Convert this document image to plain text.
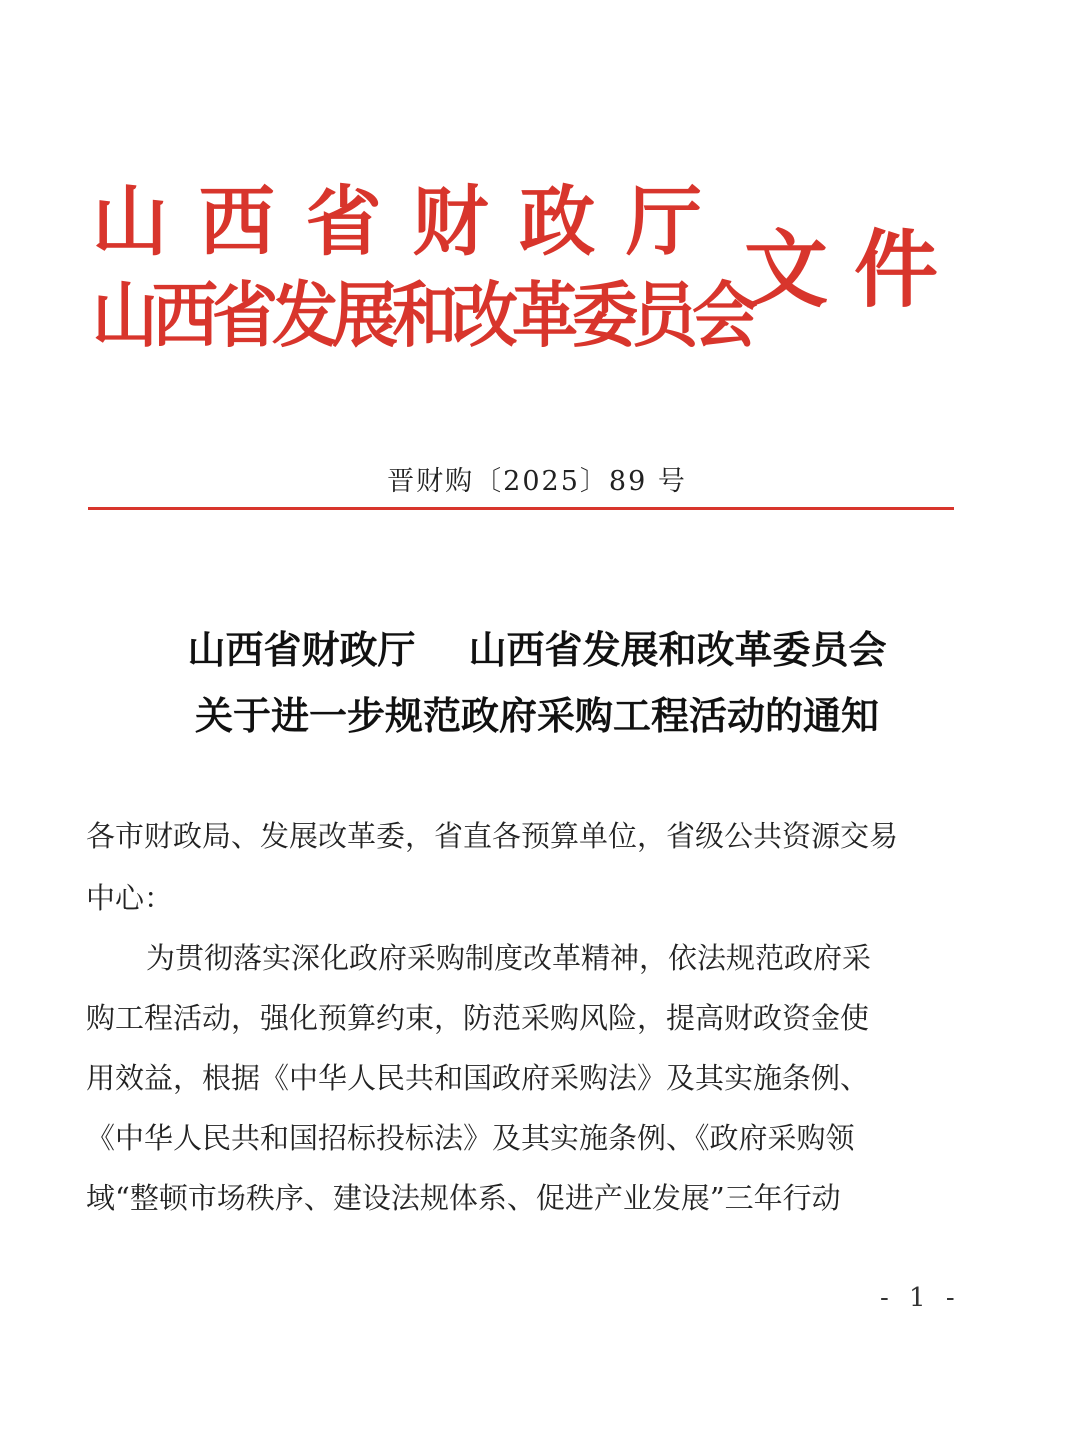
山 西 省 财 政 厅
山西省发展和改革委员会
文件
晋财购〔2025〕89 号
山西省财政厅    山西省发展和改革委员会
关于进一步规范政府采购工程活动的通知
各市财政局、发展改革委，省直各预算单位，省级公共资源交易
中心：
为贯彻落实深化政府采购制度改革精神，依法规范政府采
购工程活动，强化预算约束，防范采购风险，提高财政资金使
用效益，根据《中华人民共和国政府采购法》及其实施条例、
《中华人民共和国招标投标法》及其实施条例、《政府采购领
域“整顿市场秩序、建设法规体系、促进产业发展”三年行动
- 1 -
